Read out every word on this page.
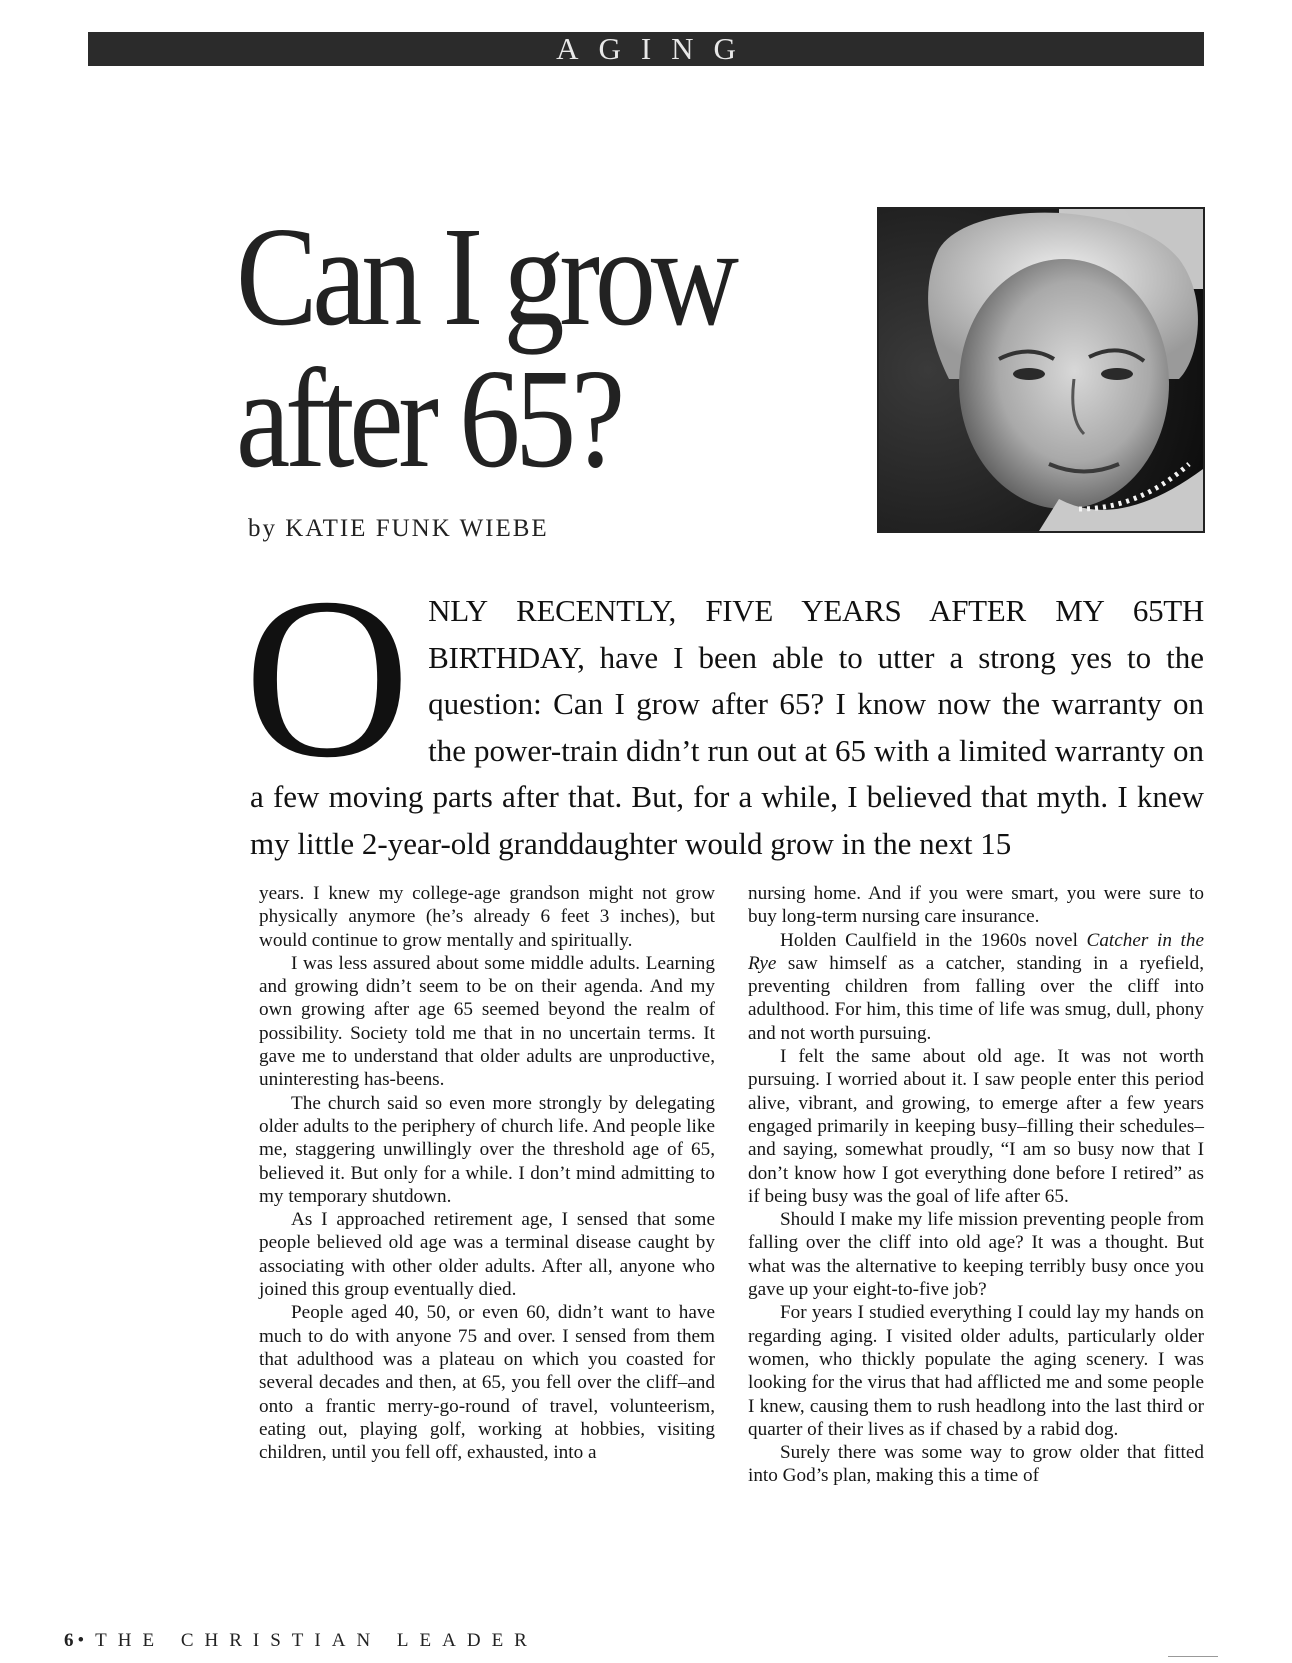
AGING
Can I grow
after 65?
by KATIE FUNK WIEBE
O NLY RECENTLY, FIVE YEARS AFTER MY 65TH BIRTHDAY, have I been able to utter a strong yes to the question: Can I grow after 65? I know now the warranty on the power-train didn’t run out at 65 with a limited warranty on a few moving parts after that. But, for a while, I believed that myth. I knew my little 2-year-old granddaughter would grow in the next 15

years. I knew my college-age grandson might not grow physically anymore (he’s already 6 feet 3 inches), but would continue to grow mentally and spiritually.

I was less assured about some middle adults. Learning and growing didn’t seem to be on their agenda. And my own growing after age 65 seemed beyond the realm of possibility. Society told me that in no uncertain terms. It gave me to understand that older adults are unproductive, uninteresting has-beens.

The church said so even more strongly by delegating older adults to the periphery of church life. And people like me, staggering unwillingly over the threshold age of 65, believed it. But only for a while. I don’t mind admitting to my temporary shutdown.

As I approached retirement age, I sensed that some people believed old age was a terminal disease caught by associating with other older adults. After all, anyone who joined this group eventually died.

People aged 40, 50, or even 60, didn’t want to have much to do with anyone 75 and over. I sensed from them that adulthood was a plateau on which you coasted for several decades and then, at 65, you fell over the cliff–and onto a frantic merry-go-round of travel, volunteerism, eating out, playing golf, working at hobbies, visiting children, until you fell off, exhausted, into a

nursing home. And if you were smart, you were sure to buy long-term nursing care insurance.

Holden Caulfield in the 1960s novel Catcher in the Rye saw himself as a catcher, standing in a ryefield, preventing children from falling over the cliff into adulthood. For him, this time of life was smug, dull, phony and not worth pursuing.

I felt the same about old age. It was not worth pursuing. I worried about it. I saw people enter this period alive, vibrant, and growing, to emerge after a few years engaged primarily in keeping busy–filling their schedules–and saying, somewhat proudly, “I am so busy now that I don’t know how I got everything done before I retired” as if being busy was the goal of life after 65.

Should I make my life mission preventing people from falling over the cliff into old age? It was a thought. But what was the alternative to keeping terribly busy once you gave up your eight-to-five job?

For years I studied everything I could lay my hands on regarding aging. I visited older adults, particularly older women, who thickly populate the aging scenery. I was looking for the virus that had afflicted me and some people I knew, causing them to rush headlong into the last third or quarter of their lives as if chased by a rabid dog.

Surely there was some way to grow older that fitted into God’s plan, making this a time of

6•THE CHRISTIAN LEADER
